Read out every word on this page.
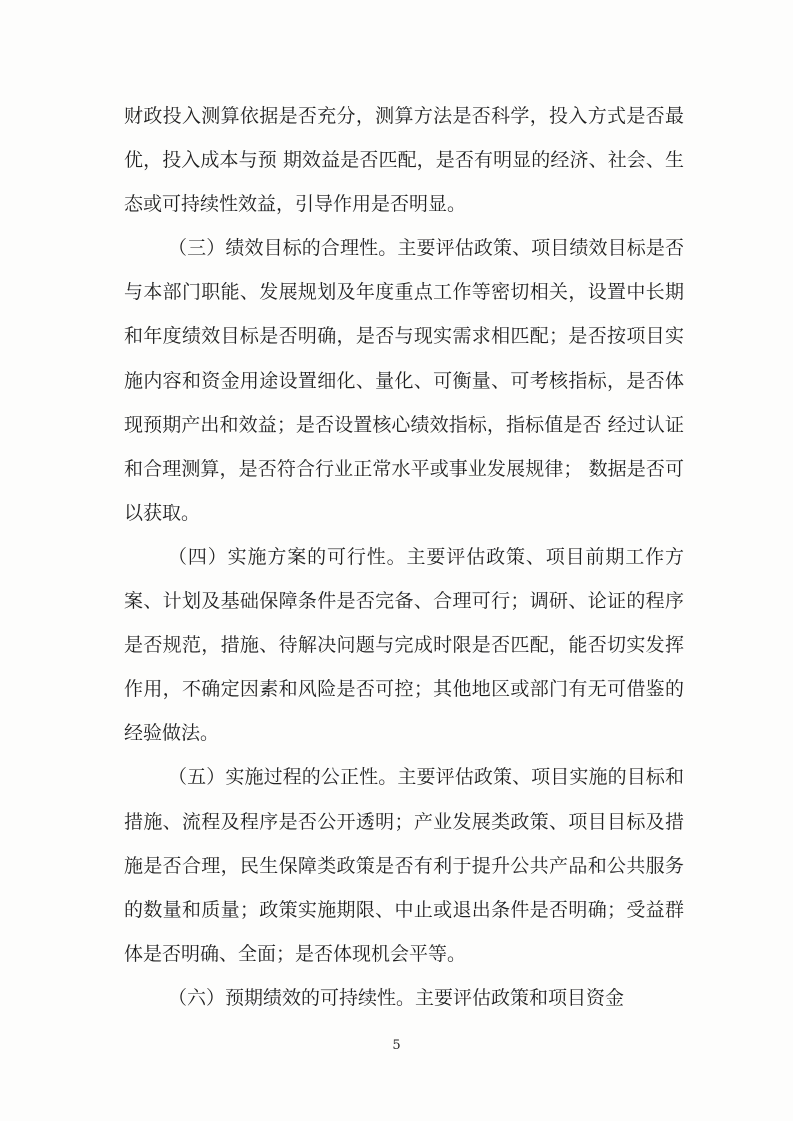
财政投入测算依据是否充分，测算方法是否科学，投入方式是否最优，投入成本与预 期效益是否匹配，是否有明显的经济、社会、生态或可持续性效益，引导作用是否明显。

（三）绩效目标的合理性。主要评估政策、项目绩效目标是否与本部门职能、发展规划及年度重点工作等密切相关，设置中长期和年度绩效目标是否明确，是否与现实需求相匹配；是否按项目实施内容和资金用途设置细化、量化、可衡量、可考核指标，是否体现预期产出和效益；是否设置核心绩效指标，指标值是否 经过认证和合理测算，是否符合行业正常水平或事业发展规律； 数据是否可以获取。

（四）实施方案的可行性。主要评估政策、项目前期工作方案、计划及基础保障条件是否完备、合理可行；调研、论证的程序是否规范，措施、待解决问题与完成时限是否匹配，能否切实发挥作用，不确定因素和风险是否可控；其他地区或部门有无可借鉴的经验做法。

（五）实施过程的公正性。主要评估政策、项目实施的目标和措施、流程及程序是否公开透明；产业发展类政策、项目目标及措施是否合理，民生保障类政策是否有利于提升公共产品和公共服务的数量和质量；政策实施期限、中止或退出条件是否明确；受益群体是否明确、全面；是否体现机会平等。

（六）预期绩效的可持续性。主要评估政策和项目资金

5
